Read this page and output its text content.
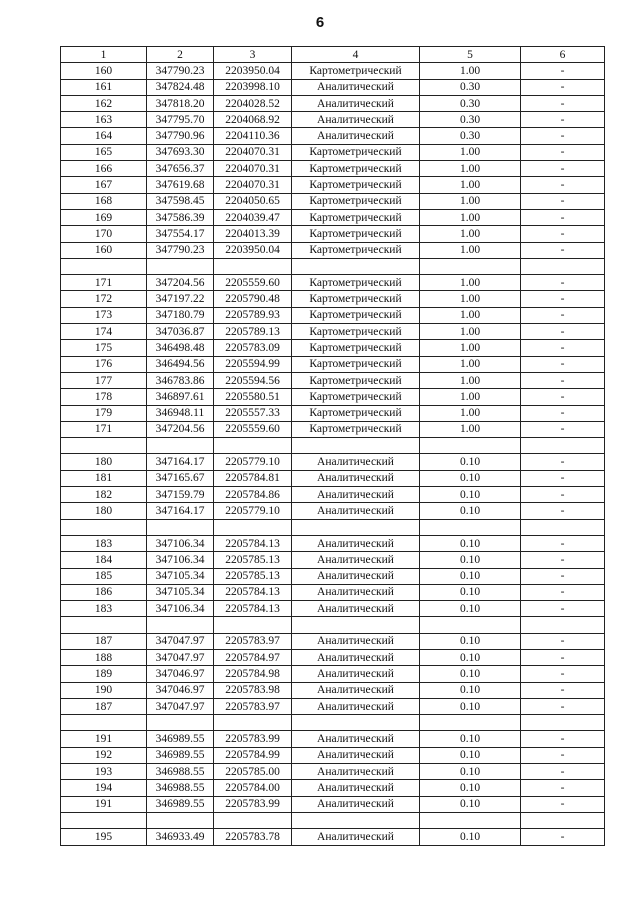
6
1	2	3	4	5	6
160	347790.23	2203950.04	Картометрический	1.00	-
161	347824.48	2203998.10	Аналитический	0.30	-
162	347818.20	2204028.52	Аналитический	0.30	-
163	347795.70	2204068.92	Аналитический	0.30	-
164	347790.96	2204110.36	Аналитический	0.30	-
165	347693.30	2204070.31	Картометрический	1.00	-
166	347656.37	2204070.31	Картометрический	1.00	-
167	347619.68	2204070.31	Картометрический	1.00	-
168	347598.45	2204050.65	Картометрический	1.00	-
169	347586.39	2204039.47	Картометрический	1.00	-
170	347554.17	2204013.39	Картометрический	1.00	-
160	347790.23	2203950.04	Картометрический	1.00	-

171	347204.56	2205559.60	Картометрический	1.00	-
172	347197.22	2205790.48	Картометрический	1.00	-
173	347180.79	2205789.93	Картометрический	1.00	-
174	347036.87	2205789.13	Картометрический	1.00	-
175	346498.48	2205783.09	Картометрический	1.00	-
176	346494.56	2205594.99	Картометрический	1.00	-
177	346783.86	2205594.56	Картометрический	1.00	-
178	346897.61	2205580.51	Картометрический	1.00	-
179	346948.11	2205557.33	Картометрический	1.00	-
171	347204.56	2205559.60	Картометрический	1.00	-

180	347164.17	2205779.10	Аналитический	0.10	-
181	347165.67	2205784.81	Аналитический	0.10	-
182	347159.79	2205784.86	Аналитический	0.10	-
180	347164.17	2205779.10	Аналитический	0.10	-

183	347106.34	2205784.13	Аналитический	0.10	-
184	347106.34	2205785.13	Аналитический	0.10	-
185	347105.34	2205785.13	Аналитический	0.10	-
186	347105.34	2205784.13	Аналитический	0.10	-
183	347106.34	2205784.13	Аналитический	0.10	-

187	347047.97	2205783.97	Аналитический	0.10	-
188	347047.97	2205784.97	Аналитический	0.10	-
189	347046.97	2205784.98	Аналитический	0.10	-
190	347046.97	2205783.98	Аналитический	0.10	-
187	347047.97	2205783.97	Аналитический	0.10	-

191	346989.55	2205783.99	Аналитический	0.10	-
192	346989.55	2205784.99	Аналитический	0.10	-
193	346988.55	2205785.00	Аналитический	0.10	-
194	346988.55	2205784.00	Аналитический	0.10	-
191	346989.55	2205783.99	Аналитический	0.10	-

195	346933.49	2205783.78	Аналитический	0.10	-
